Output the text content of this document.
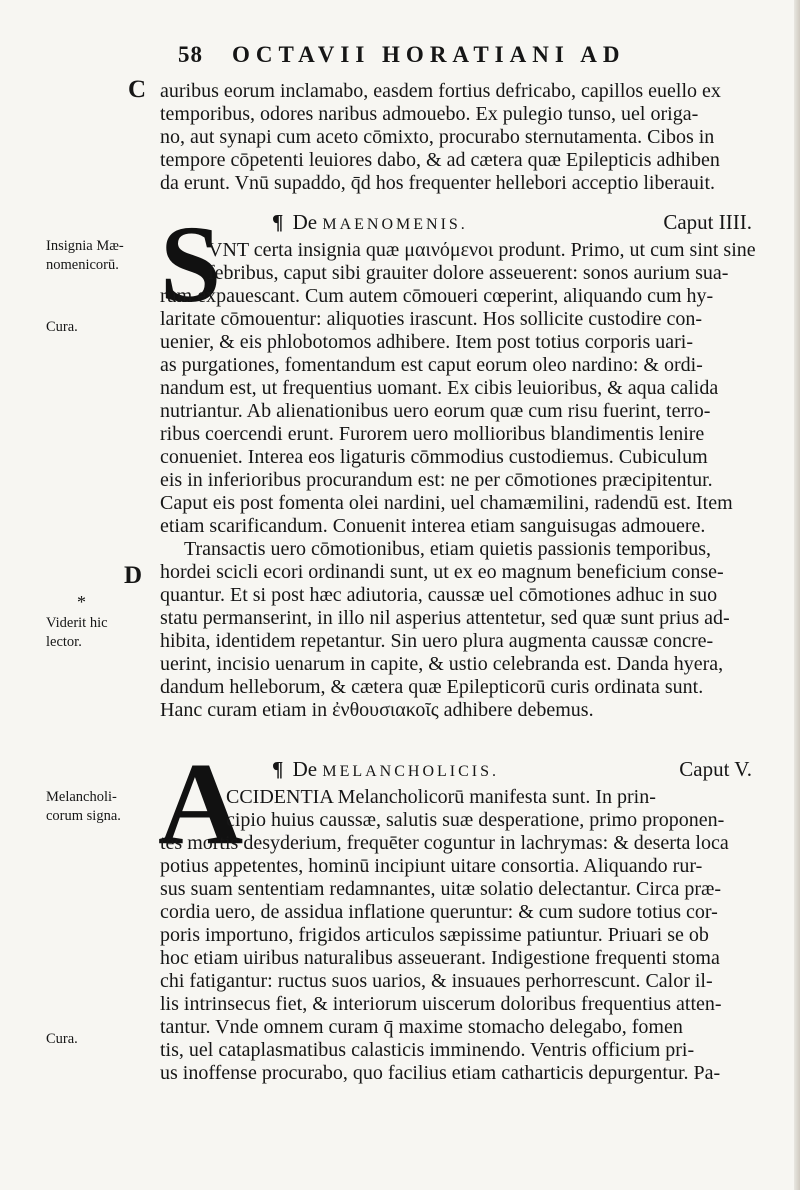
58 OCTAVII HORATIANI AD
C auribus eorum inclamabo, easdem fortius defricabo, capillos euello ex
temporibus, odores naribus admouebo. Ex pulegio tunso, uel origa-
no, aut synapi cum aceto cōmixto, procurabo sternutamenta. Cibos in
tempore cōpetenti leuiores dabo, & ad cætera quæ Epilepticis adhiben
da erunt. Vnū supaddo, q̄d hos frequenter hellebori acceptio liberauit.
¶ De MAENOMENIS.	Caput IIII.
S
VNT certa insignia quæ μαινόμενοι produnt. Primo, ut cum sint sine
febribus, caput sibi grauiter dolore asseuerent: sonos aurium sua-
rum expauescant. Cum autem cōmoueri cœperint, aliquando cum hy-
laritate cōmouentur: aliquoties irascunt. Hos sollicite custodire con-
uenier, & eis phlobotomos adhibere. Item post totius corporis uari-
as purgationes, fomentandum est caput eorum oleo nardino: & ordi-
nandum est, ut frequentius uomant. Ex cibis leuioribus, & aqua calida
nutriantur. Ab alienationibus uero eorum quæ cum risu fuerint, terro-
ribus coercendi erunt. Furorem uero mollioribus blandimentis lenire
conueniet. Interea eos ligaturis cōmmodius custodiemus. Cubiculum
eis in inferioribus procurandum est: ne per cōmotiones præcipitentur.
Caput eis post fomenta olei nardini, uel chamæmilini, radendū est. Item
etiam scarificandum. Conuenit interea etiam sanguisugas admouere.
Transactis uero cōmotionibus, etiam quietis passionis temporibus,
hordei scicli ecori ordinandi sunt, ut ex eo magnum beneficium conse-
quantur. Et si post hæc adiutoria, caussæ uel cōmotiones adhuc in suo
statu permanserint, in illo nil asperius attentetur, sed quæ sunt prius ad-
hibita, identidem repetantur. Sin uero plura augmenta caussæ concre-
uerint, incisio uenarum in capite, & ustio celebranda est. Danda hyera,
dandum helleborum, & cætera quæ Epilepticorū curis ordinata sunt.
Hanc curam etiam in ἐνθουσιακοῖς adhibere debemus.
D
¶ De MELANCHOLICIS.	Caput V.
A
CCIDENTIA Melancholicorū manifesta sunt. In prin-
cipio huius caussæ, salutis suæ desperatione, primo proponen-
tes mortis desyderium, frequēter coguntur in lachrymas: & deserta loca
potius appetentes, hominū incipiunt uitare consortia. Aliquando rur-
sus suam sententiam redamnantes, uitæ solatio delectantur. Circa præ-
cordia uero, de assidua inflatione queruntur: & cum sudore totius cor-
poris importuno, frigidos articulos sæpissime patiuntur. Priuari se ob
hoc etiam uiribus naturalibus asseuerant. Indigestione frequenti stoma
chi fatigantur: ructus suos uarios, & insuaues perhorrescunt. Calor il-
lis intrinsecus fiet, & interiorum uiscerum doloribus frequentius atten-
tantur. Vnde omnem curam q̄ maxime stomacho delegabo, fomen
tis, uel cataplasmatibus calasticis imminendo. Ventris officium pri-
us inoffense procurabo, quo facilius etiam catharticis depurgentur. Pa-
Insignia Mæ-
nomenicorū.
Cura.
*
Viderit hic
lector.
Melancholi-
corum signa.
Cura.
